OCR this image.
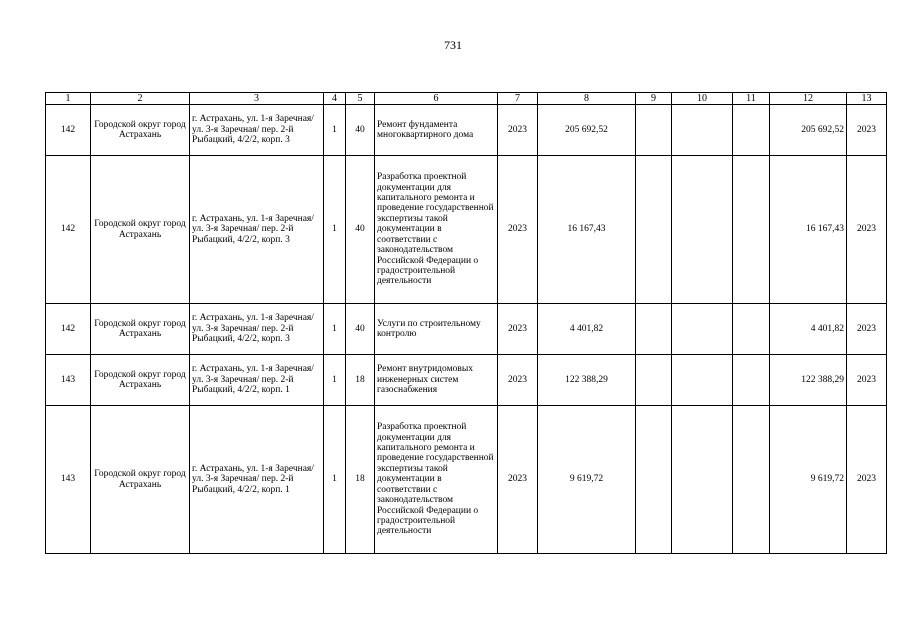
731
1	2	3	4	5	6	7	8	9	10	11	12	13
142	Городской округ город Астрахань	г. Астрахань, ул. 1-я Заречная/ ул. 3-я Заречная/ пер. 2-й Рыбацкий, 4/2/2, корп. 3	1	40	Ремонт фундамента многоквартирного дома	2023	205 692,52				205 692,52	2023
142	Городской округ город Астрахань	г. Астрахань, ул. 1-я Заречная/ ул. 3-я Заречная/ пер. 2-й Рыбацкий, 4/2/2, корп. 3	1	40	Разработка проектной документации для капитального ремонта и проведение государственной экспертизы такой документации в соответствии с законодательством Российской Федерации о градостроительной деятельности	2023	16 167,43				16 167,43	2023
142	Городской округ город Астрахань	г. Астрахань, ул. 1-я Заречная/ ул. 3-я Заречная/ пер. 2-й Рыбацкий, 4/2/2, корп. 3	1	40	Услуги по строительному контролю	2023	4 401,82				4 401,82	2023
143	Городской округ город Астрахань	г. Астрахань, ул. 1-я Заречная/ ул. 3-я Заречная/ пер. 2-й Рыбацкий, 4/2/2, корп. 1	1	18	Ремонт внутридомовых инженерных систем газоснабжения	2023	122 388,29				122 388,29	2023
143	Городской округ город Астрахань	г. Астрахань, ул. 1-я Заречная/ ул. 3-я Заречная/ пер. 2-й Рыбацкий, 4/2/2, корп. 1	1	18	Разработка проектной документации для капитального ремонта и проведение государственной экспертизы такой документации в соответствии с законодательством Российской Федерации о градостроительной деятельности	2023	9 619,72				9 619,72	2023
